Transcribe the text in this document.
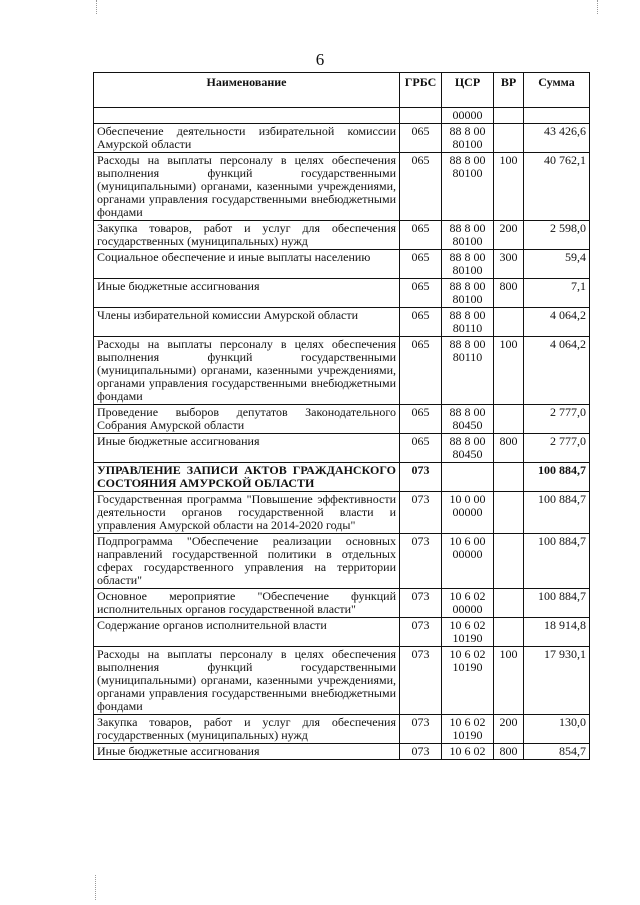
6
Наименование	ГРБС	ЦСР	ВР	Сумма
		00000		
Обеспечение деятельности избирательной комиссии Амурской области	065	88 8 00 80100		43 426,6
Расходы на выплаты персоналу в целях обеспечения выполнения функций государственными (муниципальными) органами, казенными учреждениями, органами управления государственными внебюджетными фондами	065	88 8 00 80100	100	40 762,1
Закупка товаров, работ и услуг для обеспечения государственных (муниципальных) нужд	065	88 8 00 80100	200	2 598,0
Социальное обеспечение и иные выплаты населению	065	88 8 00 80100	300	59,4
Иные бюджетные ассигнования	065	88 8 00 80100	800	7,1
Члены избирательной комиссии Амурской области	065	88 8 00 80110		4 064,2
Расходы на выплаты персоналу в целях обеспечения выполнения функций государственными (муниципальными) органами, казенными учреждениями, органами управления государственными внебюджетными фондами	065	88 8 00 80110	100	4 064,2
Проведение выборов депутатов Законодательного Собрания Амурской области	065	88 8 00 80450		2 777,0
Иные бюджетные ассигнования	065	88 8 00 80450	800	2 777,0
УПРАВЛЕНИЕ ЗАПИСИ АКТОВ ГРАЖДАНСКОГО СОСТОЯНИЯ АМУРСКОЙ ОБЛАСТИ	073			100 884,7
Государственная программа "Повышение эффективности деятельности органов государственной власти и управления Амурской области на 2014-2020 годы"	073	10 0 00 00000		100 884,7
Подпрограмма "Обеспечение реализации основных направлений государственной политики в отдельных сферах государственного управления на территории области"	073	10 6 00 00000		100 884,7
Основное мероприятие "Обеспечение функций исполнительных органов государственной власти"	073	10 6 02 00000		100 884,7
Содержание органов исполнительной власти	073	10 6 02 10190		18 914,8
Расходы на выплаты персоналу в целях обеспечения выполнения функций государственными (муниципальными) органами, казенными учреждениями, органами управления государственными внебюджетными фондами	073	10 6 02 10190	100	17 930,1
Закупка товаров, работ и услуг для обеспечения государственных (муниципальных) нужд	073	10 6 02 10190	200	130,0
Иные бюджетные ассигнования	073	10 6 02	800	854,7
